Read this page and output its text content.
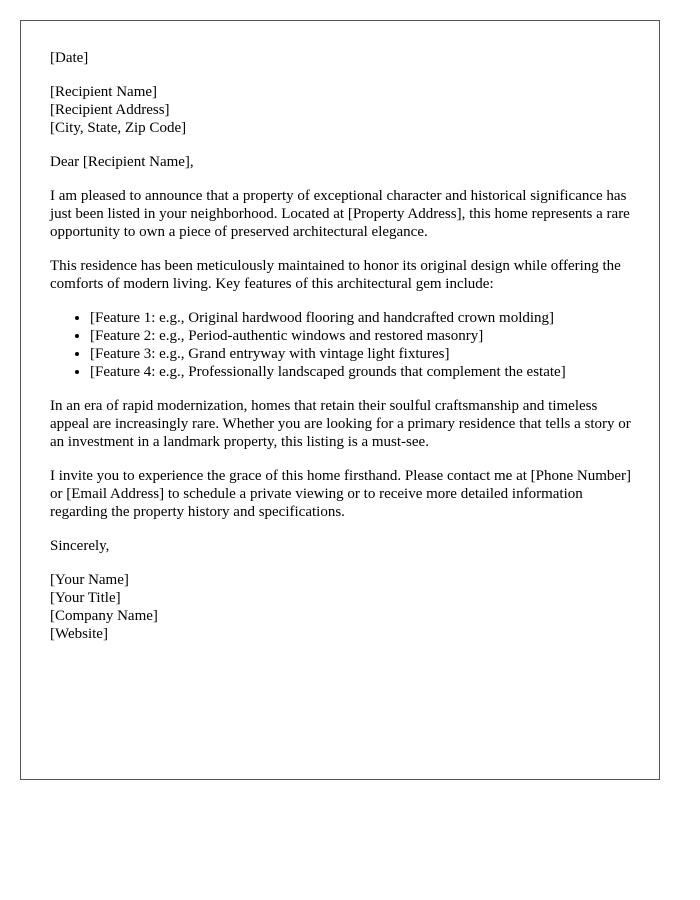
[Date]

[Recipient Name]
[Recipient Address]
[City, State, Zip Code]

Dear [Recipient Name],

I am pleased to announce that a property of exceptional character and historical significance has just been listed in your neighborhood. Located at [Property Address], this home represents a rare opportunity to own a piece of preserved architectural elegance.

This residence has been meticulously maintained to honor its original design while offering the comforts of modern living. Key features of this architectural gem include:

• [Feature 1: e.g., Original hardwood flooring and handcrafted crown molding]
• [Feature 2: e.g., Period-authentic windows and restored masonry]
• [Feature 3: e.g., Grand entryway with vintage light fixtures]
• [Feature 4: e.g., Professionally landscaped grounds that complement the estate]

In an era of rapid modernization, homes that retain their soulful craftsmanship and timeless appeal are increasingly rare. Whether you are looking for a primary residence that tells a story or an investment in a landmark property, this listing is a must-see.

I invite you to experience the grace of this home firsthand. Please contact me at [Phone Number] or [Email Address] to schedule a private viewing or to receive more detailed information regarding the property history and specifications.

Sincerely,

[Your Name]
[Your Title]
[Company Name]
[Website]
